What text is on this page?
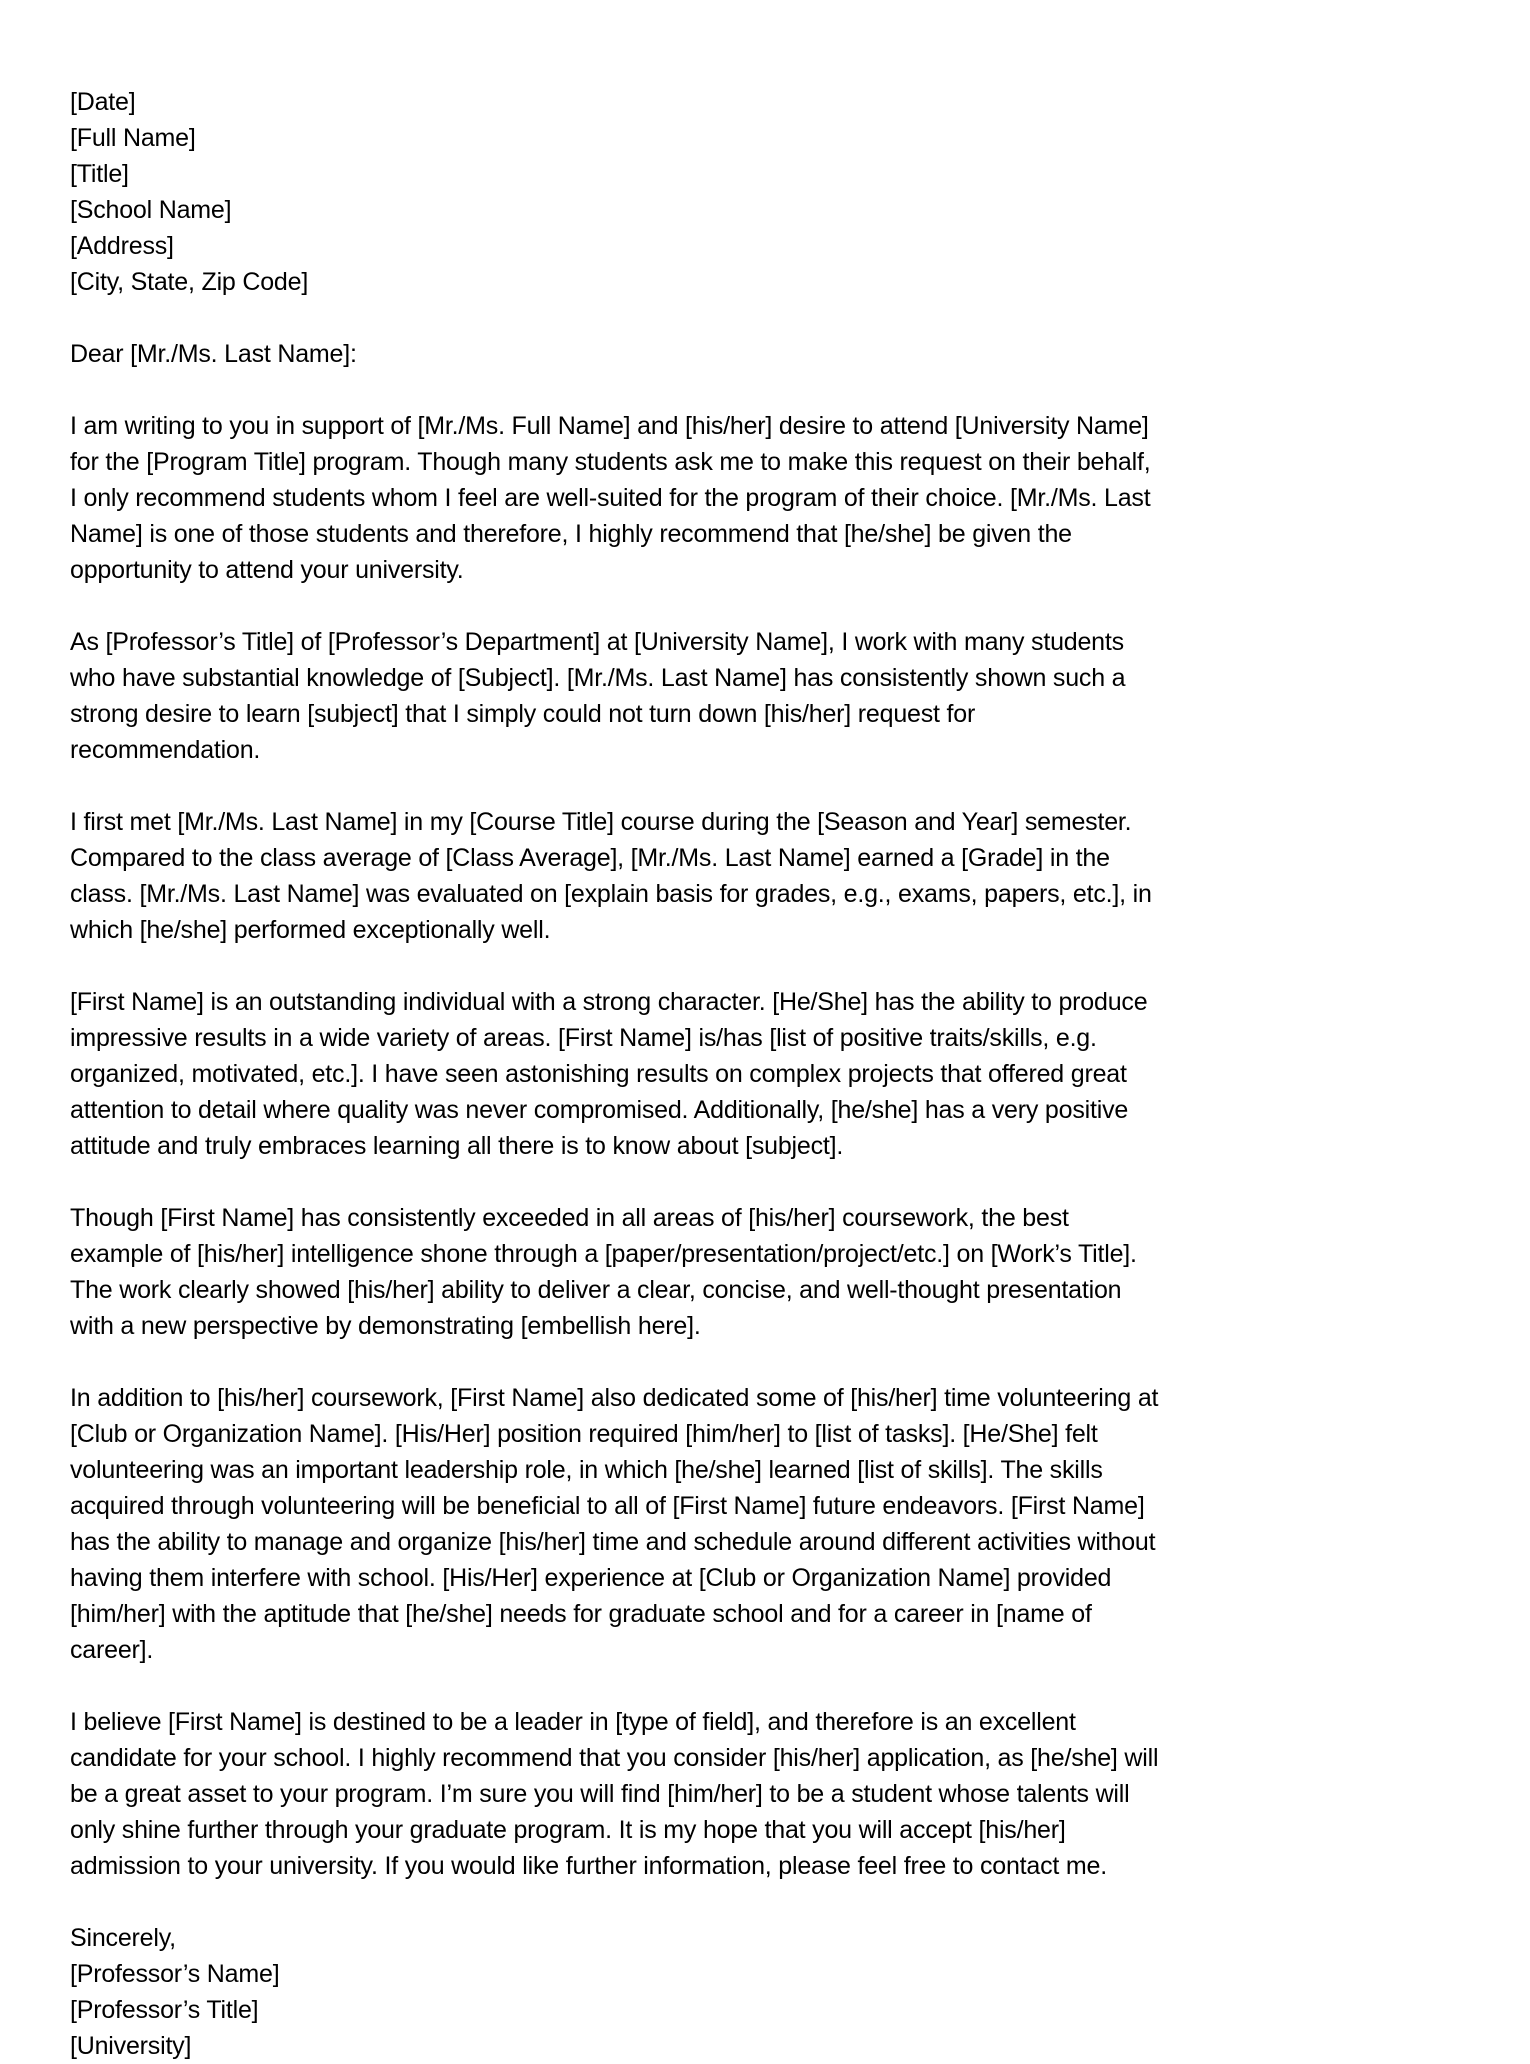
[Date]
[Full Name]
[Title]
[School Name]
[Address]
[City, State, Zip Code]
Dear [Mr./Ms. Last Name]:

I am writing to you in support of [Mr./Ms. Full Name] and [his/her] desire to attend [University Name] for the [Program Title] program. Though many students ask me to make this request on their behalf, I only recommend students whom I feel are well-suited for the program of their choice. [Mr./Ms. Last Name] is one of those students and therefore, I highly recommend that [he/she] be given the opportunity to attend your university.

As [Professor’s Title] of [Professor’s Department] at [University Name], I work with many students who have substantial knowledge of [Subject]. [Mr./Ms. Last Name] has consistently shown such a strong desire to learn [subject] that I simply could not turn down [his/her] request for recommendation.

I first met [Mr./Ms. Last Name] in my [Course Title] course during the [Season and Year] semester. Compared to the class average of [Class Average], [Mr./Ms. Last Name] earned a [Grade] in the class. [Mr./Ms. Last Name] was evaluated on [explain basis for grades, e.g., exams, papers, etc.], in which [he/she] performed exceptionally well.

[First Name] is an outstanding individual with a strong character. [He/She] has the ability to produce impressive results in a wide variety of areas. [First Name] is/has [list of positive traits/skills, e.g. organized, motivated, etc.]. I have seen astonishing results on complex projects that offered great attention to detail where quality was never compromised. Additionally, [he/she] has a very positive attitude and truly embraces learning all there is to know about [subject].

Though [First Name] has consistently exceeded in all areas of [his/her] coursework, the best example of [his/her] intelligence shone through a [paper/presentation/project/etc.] on [Work’s Title]. The work clearly showed [his/her] ability to deliver a clear, concise, and well-thought presentation with a new perspective by demonstrating [embellish here].

In addition to [his/her] coursework, [First Name] also dedicated some of [his/her] time volunteering at [Club or Organization Name]. [His/Her] position required [him/her] to [list of tasks]. [He/She] felt volunteering was an important leadership role, in which [he/she] learned [list of skills]. The skills acquired through volunteering will be beneficial to all of [First Name] future endeavors. [First Name] has the ability to manage and organize [his/her] time and schedule around different activities without having them interfere with school. [His/Her] experience at [Club or Organization Name] provided [him/her] with the aptitude that [he/she] needs for graduate school and for a career in [name of career].

I believe [First Name] is destined to be a leader in [type of field], and therefore is an excellent candidate for your school. I highly recommend that you consider [his/her] application, as [he/she] will be a great asset to your program. I’m sure you will find [him/her] to be a student whose talents will only shine further through your graduate program. It is my hope that you will accept [his/her] admission to your university. If you would like further information, please feel free to contact me.

Sincerely,
[Professor’s Name]
[Professor’s Title]
[University]
